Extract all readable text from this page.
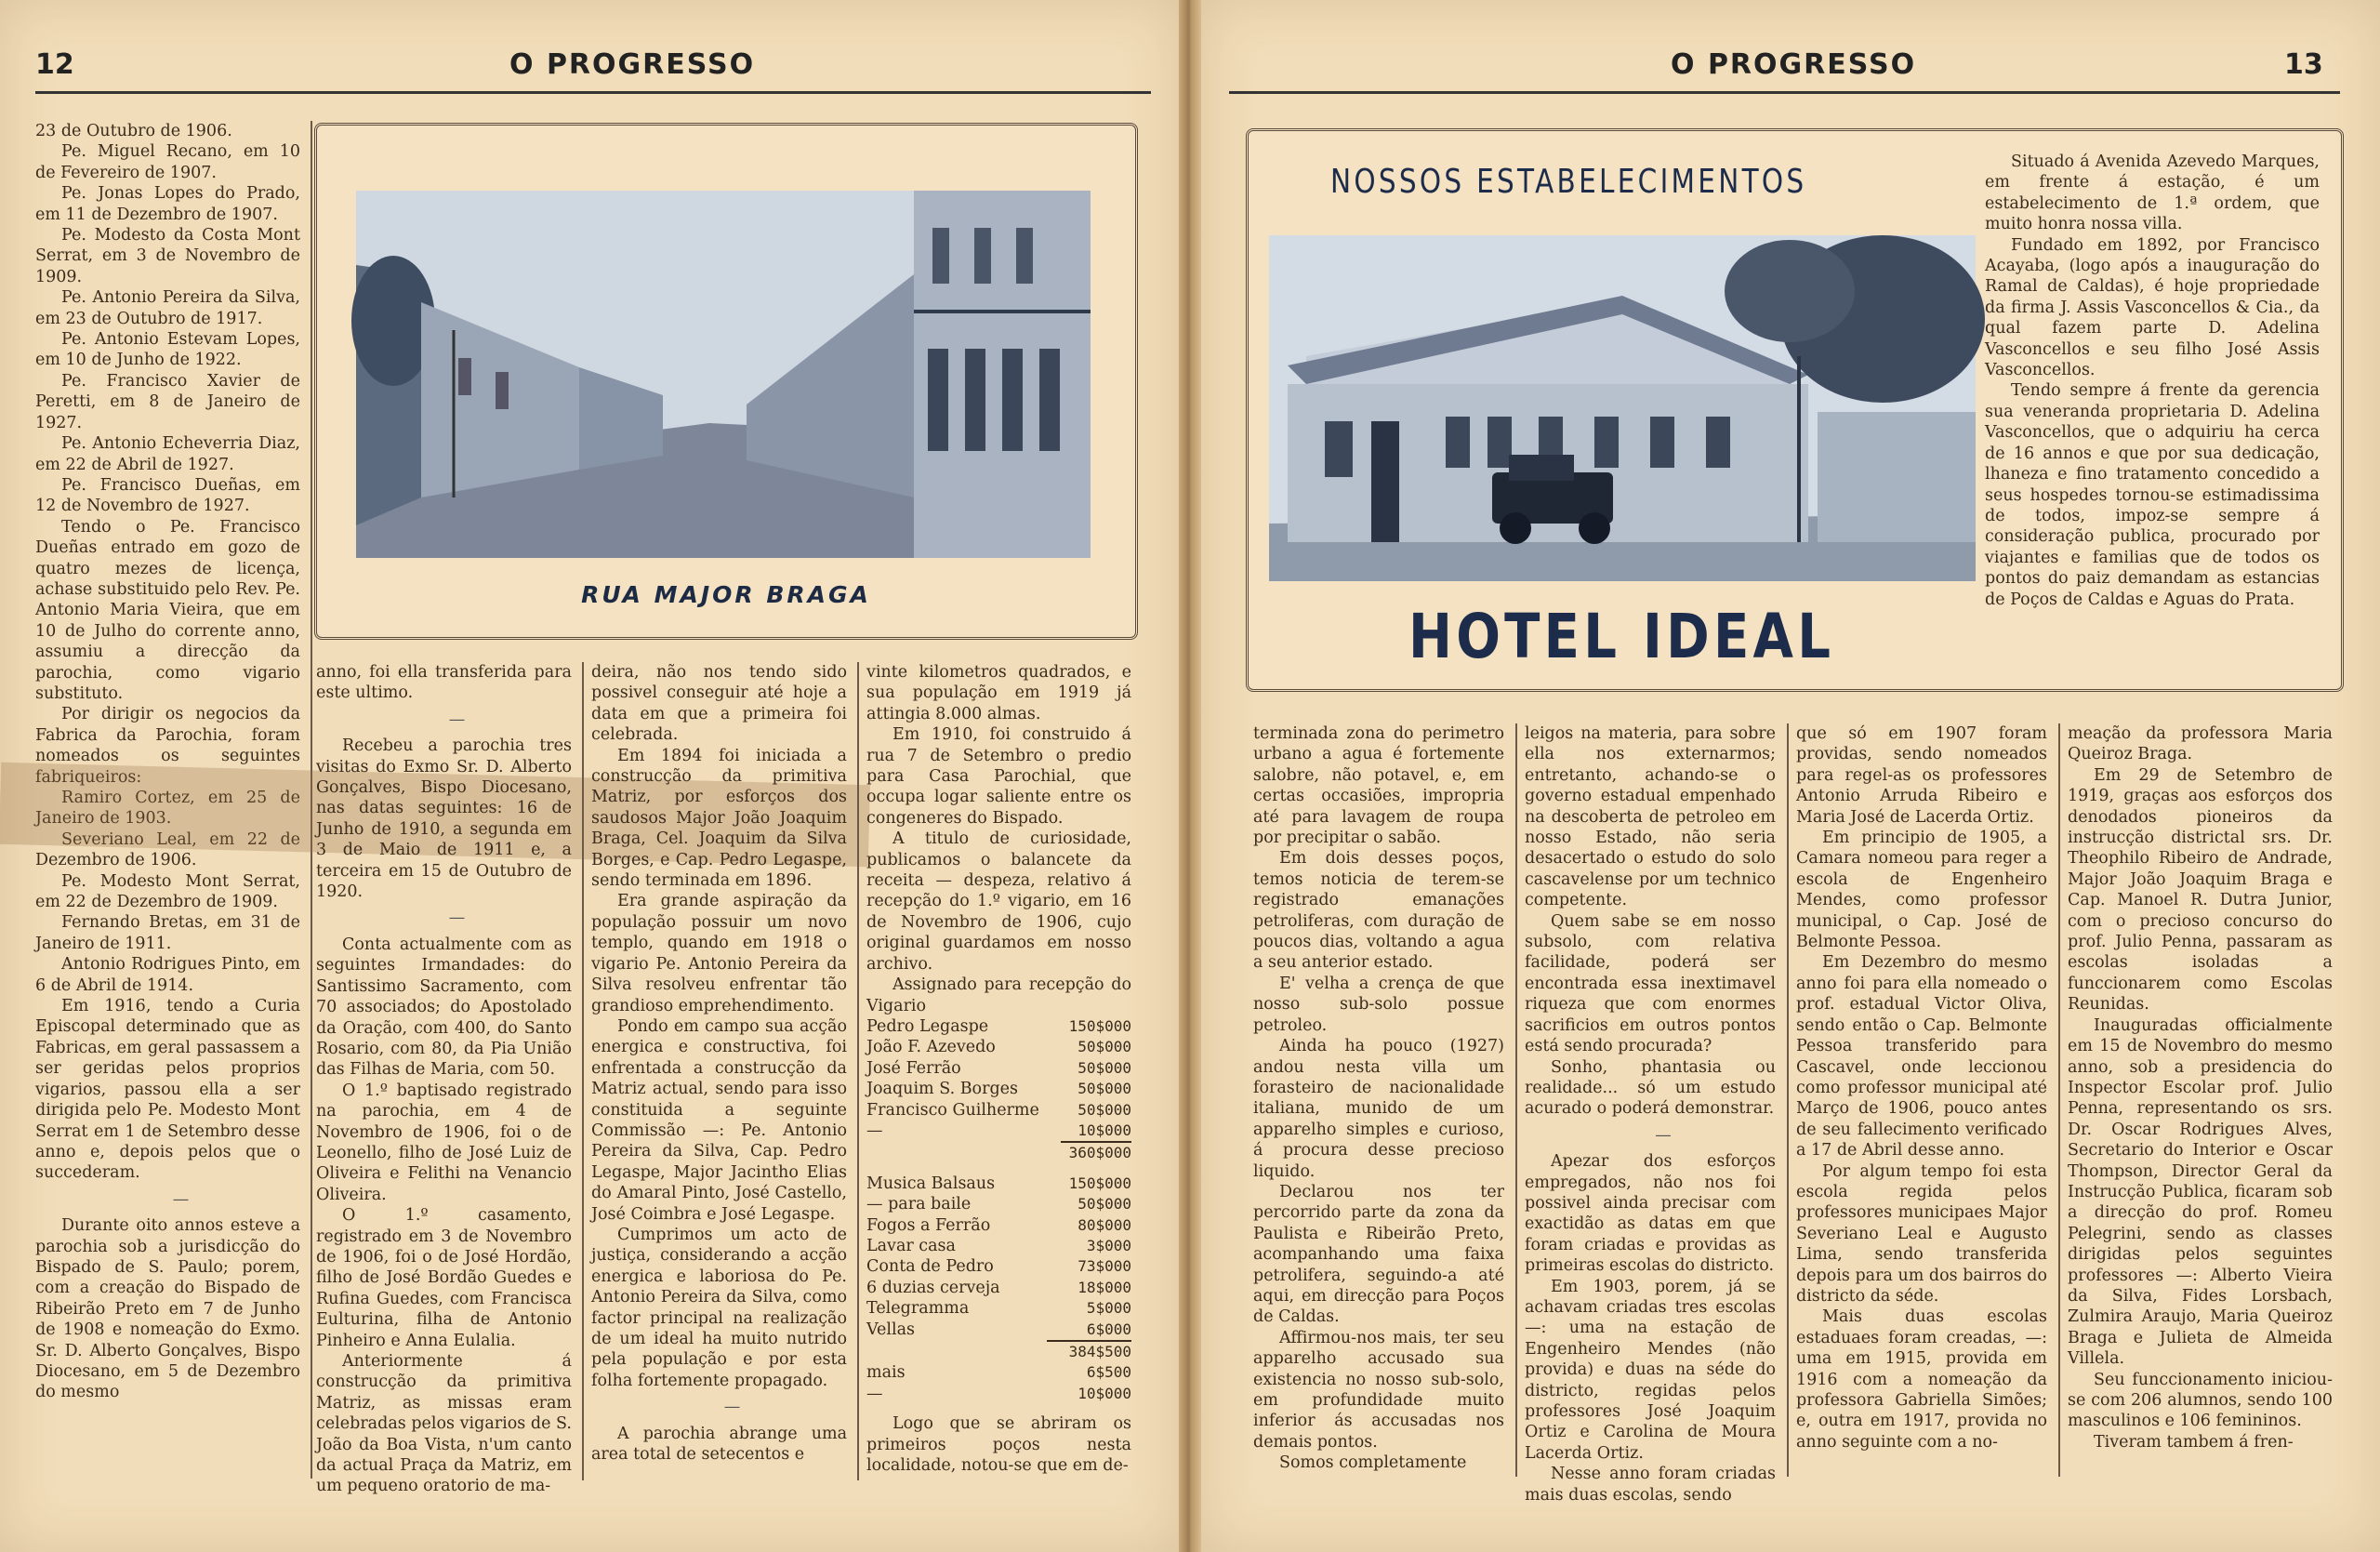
12	O PROGRESSO

23 de Outubro de 1906.

Pe. Miguel Recano, em 10 de Fevereiro de 1907.

Pe. Jonas Lopes do Prado, em 11 de Dezembro de 1907.

Pe. Modesto da Costa Mont Serrat, em 3 de Novembro de 1909.

Pe. Antonio Pereira da Silva, em 23 de Outubro de 1917.

Pe. Antonio Estevam Lopes, em 10 de Junho de 1922.

Pe. Francisco Xavier de Peretti, em 8 de Janeiro de 1927.

Pe. Antonio Echeverria Diaz, em 22 de Abril de 1927.

Pe. Francisco Dueñas, em 12 de Novembro de 1927.

Tendo o Pe. Francisco Dueñas entrado em gozo de quatro mezes de licença, achase substituido pelo Rev. Pe. Antonio Maria Vieira, que em 10 de Julho do corrente anno, assumiu a direcção da parochia, como vigario substituto.

Por dirigir os negocios da Fabrica da Parochia, foram nomeados os seguintes fabriqueiros:

Ramiro Cortez, em 25 de Janeiro de 1903.

Severiano Leal, em 22 de Dezembro de 1906.

Pe. Modesto Mont Serrat, em 22 de Dezembro de 1909.

Fernando Bretas, em 31 de Janeiro de 1911.

Antonio Rodrigues Pinto, em 6 de Abril de 1914.

Em 1916, tendo a Curia Episcopal determinado que as Fabricas, em geral passassem a ser geridas pelos proprios vigarios, passou ella a ser dirigida pelo Pe. Modesto Mont Serrat em 1 de Setembro desse anno e, depois pelos que o succederam.

—

Durante oito annos esteve a parochia sob a jurisdicção do Bispado de S. Paulo; porem, com a creação do Bispado de Ribeirão Preto em 7 de Junho de 1908 e nomeação do Exmo. Sr. D. Alberto Gonçalves, Bispo Diocesano, em 5 de Dezembro do mesmo

RUA MAJOR BRAGA

anno, foi ella transferida para este ultimo.

—

Recebeu a parochia tres visitas do Exmo Sr. D. Alberto Gonçalves, Bispo Diocesano, nas datas seguintes: 16 de Junho de 1910, a segunda em 3 de Maio de 1911 e, a terceira em 15 de Outubro de 1920.

—

Conta actualmente com as seguintes Irmandades: do Santissimo Sacramento, com 70 associados; do Apostolado da Oração, com 400, do Santo Rosario, com 80, da Pia União das Filhas de Maria, com 50.

O 1.º baptisado registrado na parochia, em 4 de Novembro de 1906, foi o de Leonello, filho de José Luiz de Oliveira e Felithi na Venancio Oliveira.

O 1.º casamento, registrado em 3 de Novembro de 1906, foi o de José Hordão, filho de José Bordão Guedes e Rufina Guedes, com Francisca Eulturina, filha de Antonio Pinheiro e Anna Eulalia.

Anteriormente á construcção da primitiva Matriz, as missas eram celebradas pelos vigarios de S. João da Boa Vista, n'um canto da actual Praça da Matriz, em um pequeno oratorio de ma-

deira, não nos tendo sido possivel conseguir até hoje a data em que a primeira foi celebrada.

Em 1894 foi iniciada a construcção da primitiva Matriz, por esforços dos saudosos Major João Joaquim Braga, Cel. Joaquim da Silva Borges, e Cap. Pedro Legaspe, sendo terminada em 1896.

Era grande aspiração da população possuir um novo templo, quando em 1918 o vigario Pe. Antonio Pereira da Silva resolveu enfrentar tão grandioso emprehendimento.

Pondo em campo sua acção energica e constructiva, foi enfrentada a construcção da Matriz actual, sendo para isso constituida a seguinte Commissão —: Pe. Antonio Pereira da Silva, Cap. Pedro Legaspe, Major Jacintho Elias do Amaral Pinto, José Castello, José Coimbra e José Legaspe.

Cumprimos um acto de justiça, considerando a acção energica e laboriosa do Pe. Antonio Pereira da Silva, como factor principal na realização de um ideal ha muito nutrido pela população e por esta folha fortemente propagado.

—

A parochia abrange uma area total de setecentos e

vinte kilometros quadrados, e sua população em 1919 já attingia 8.000 almas.

Em 1910, foi construido á rua 7 de Setembro o predio para Casa Parochial, que occupa logar saliente entre os congeneres do Bispado.

A titulo de curiosidade, publicamos o balancete da receita — despeza, relativo á recepção do 1.º vigario, em 16 de Novembro de 1906, cujo original guardamos em nosso archivo.

Assignado para recepção do Vigario

Pedro Legaspe	150$000
João F. Azevedo	50$000
José Ferrão	50$000
Joaquim S. Borges	50$000
Francisco Guilherme	50$000
—	10$000
	360$000
Musica Balsaus	150$000
— para baile	50$000
Fogos a Ferrão	80$000
Lavar casa	3$000
Conta de Pedro	73$000
6 duzias cerveja	18$000
Telegramma	5$000
Vellas	6$000
	384$500
mais	6$500
—	10$000

Logo que se abriram os primeiros poços nesta localidade, notou-se que em de-

O PROGRESSO	13
NOSSOS ESTABELECIMENTOS
HOTEL IDEAL

Situado á Avenida Azevedo Marques, em frente á estação, é um estabelecimento de 1.ª ordem, que muito honra nossa villa.

Fundado em 1892, por Francisco Acayaba, (logo após a inauguração do Ramal de Caldas), é hoje propriedade da firma J. Assis Vasconcellos & Cia., da qual fazem parte D. Adelina Vasconcellos e seu filho José Assis Vasconcellos.

Tendo sempre á frente da gerencia sua veneranda proprietaria D. Adelina Vasconcellos, que o adquiriu ha cerca de 16 annos e que por sua dedicação, lhaneza e fino tratamento concedido a seus hospedes tornou-se estimadissima de todos, impoz-se sempre á consideração publica, procurado por viajantes e familias que de todos os pontos do paiz demandam as estancias de Poços de Caldas e Aguas do Prata.

terminada zona do perimetro urbano a agua é fortemente salobre, não potavel, e, em certas occasiões, impropria até para lavagem de roupa por precipitar o sabão.

Em dois desses poços, temos noticia de terem-se registrado emanações petroliferas, com duração de poucos dias, voltando a agua a seu anterior estado.

E' velha a crença de que nosso sub-solo possue petroleo.

Ainda ha pouco (1927) andou nesta villa um forasteiro de nacionalidade italiana, munido de um apparelho simples e curioso, á procura desse precioso liquido.

Declarou nos ter percorrido parte da zona da Paulista e Ribeirão Preto, acompanhando uma faixa petrolifera, seguindo-a até aqui, em direcção para Poços de Caldas.

Affirmou-nos mais, ter seu apparelho accusado sua existencia no nosso sub-solo, em profundidade muito inferior ás accusadas nos demais pontos.

Somos completamente

leigos na materia, para sobre ella nos externarmos; entretanto, achando-se o governo estadual empenhado na descoberta de petroleo em nosso Estado, não seria desacertado o estudo do solo cascavelense por um technico competente.

Quem sabe se em nosso subsolo, com relativa facilidade, poderá ser encontrada essa inextimavel riqueza que com enormes sacrificios em outros pontos está sendo procurada?

Sonho, phantasia ou realidade... só um estudo acurado o poderá demonstrar.

—

Apezar dos esforços empregados, não nos foi possivel ainda precisar com exactidão as datas em que foram criadas e providas as primeiras escolas do districto.

Em 1903, porem, já se achavam criadas tres escolas —: uma na estação de Engenheiro Mendes (não provida) e duas na séde do districto, regidas pelos professores José Joaquim Ortiz e Carolina de Moura Lacerda Ortiz.

Nesse anno foram criadas mais duas escolas, sendo

que só em 1907 foram providas, sendo nomeados para regel-as os professores Antonio Arruda Ribeiro e Maria José de Lacerda Ortiz.

Em principio de 1905, a Camara nomeou para reger a escola de Engenheiro Mendes, como professor municipal, o Cap. José de Belmonte Pessoa.

Em Dezembro do mesmo anno foi para ella nomeado o prof. estadual Victor Oliva, sendo então o Cap. Belmonte Pessoa transferido para Cascavel, onde leccionou como professor municipal até Março de 1906, pouco antes de seu fallecimento verificado a 17 de Abril desse anno.

Por algum tempo foi esta escola regida pelos professores municipaes Major Severiano Leal e Augusto Lima, sendo transferida depois para um dos bairros do districto da séde.

Mais duas escolas estaduaes foram creadas, —: uma em 1915, provida em 1916 com a nomeação da professora Gabriella Simões; e, outra em 1917, provida no anno seguinte com a no-

meação da professora Maria Queiroz Braga.

Em 29 de Setembro de 1919, graças aos esforços dos denodados pioneiros da instrucção districtal srs. Dr. Theophilo Ribeiro de Andrade, Major João Joaquim Braga e Cap. Manoel R. Dutra Junior, com o precioso concurso do prof. Julio Penna, passaram as escolas isoladas a funccionarem como Escolas Reunidas.

Inauguradas officialmente em 15 de Novembro do mesmo anno, sob a presidencia do Inspector Escolar prof. Julio Penna, representando os srs. Dr. Oscar Rodrigues Alves, Secretario do Interior e Oscar Thompson, Director Geral da Instrucção Publica, ficaram sob a direcção do prof. Romeu Pelegrini, sendo as classes dirigidas pelos seguintes professores —: Alberto Vieira da Silva, Fides Lorsbach, Zulmira Araujo, Maria Queiroz Braga e Julieta de Almeida Villela.

Seu funccionamento iniciou-se com 206 alumnos, sendo 100 masculinos e 106 femininos.

Tiveram tambem á fren-
